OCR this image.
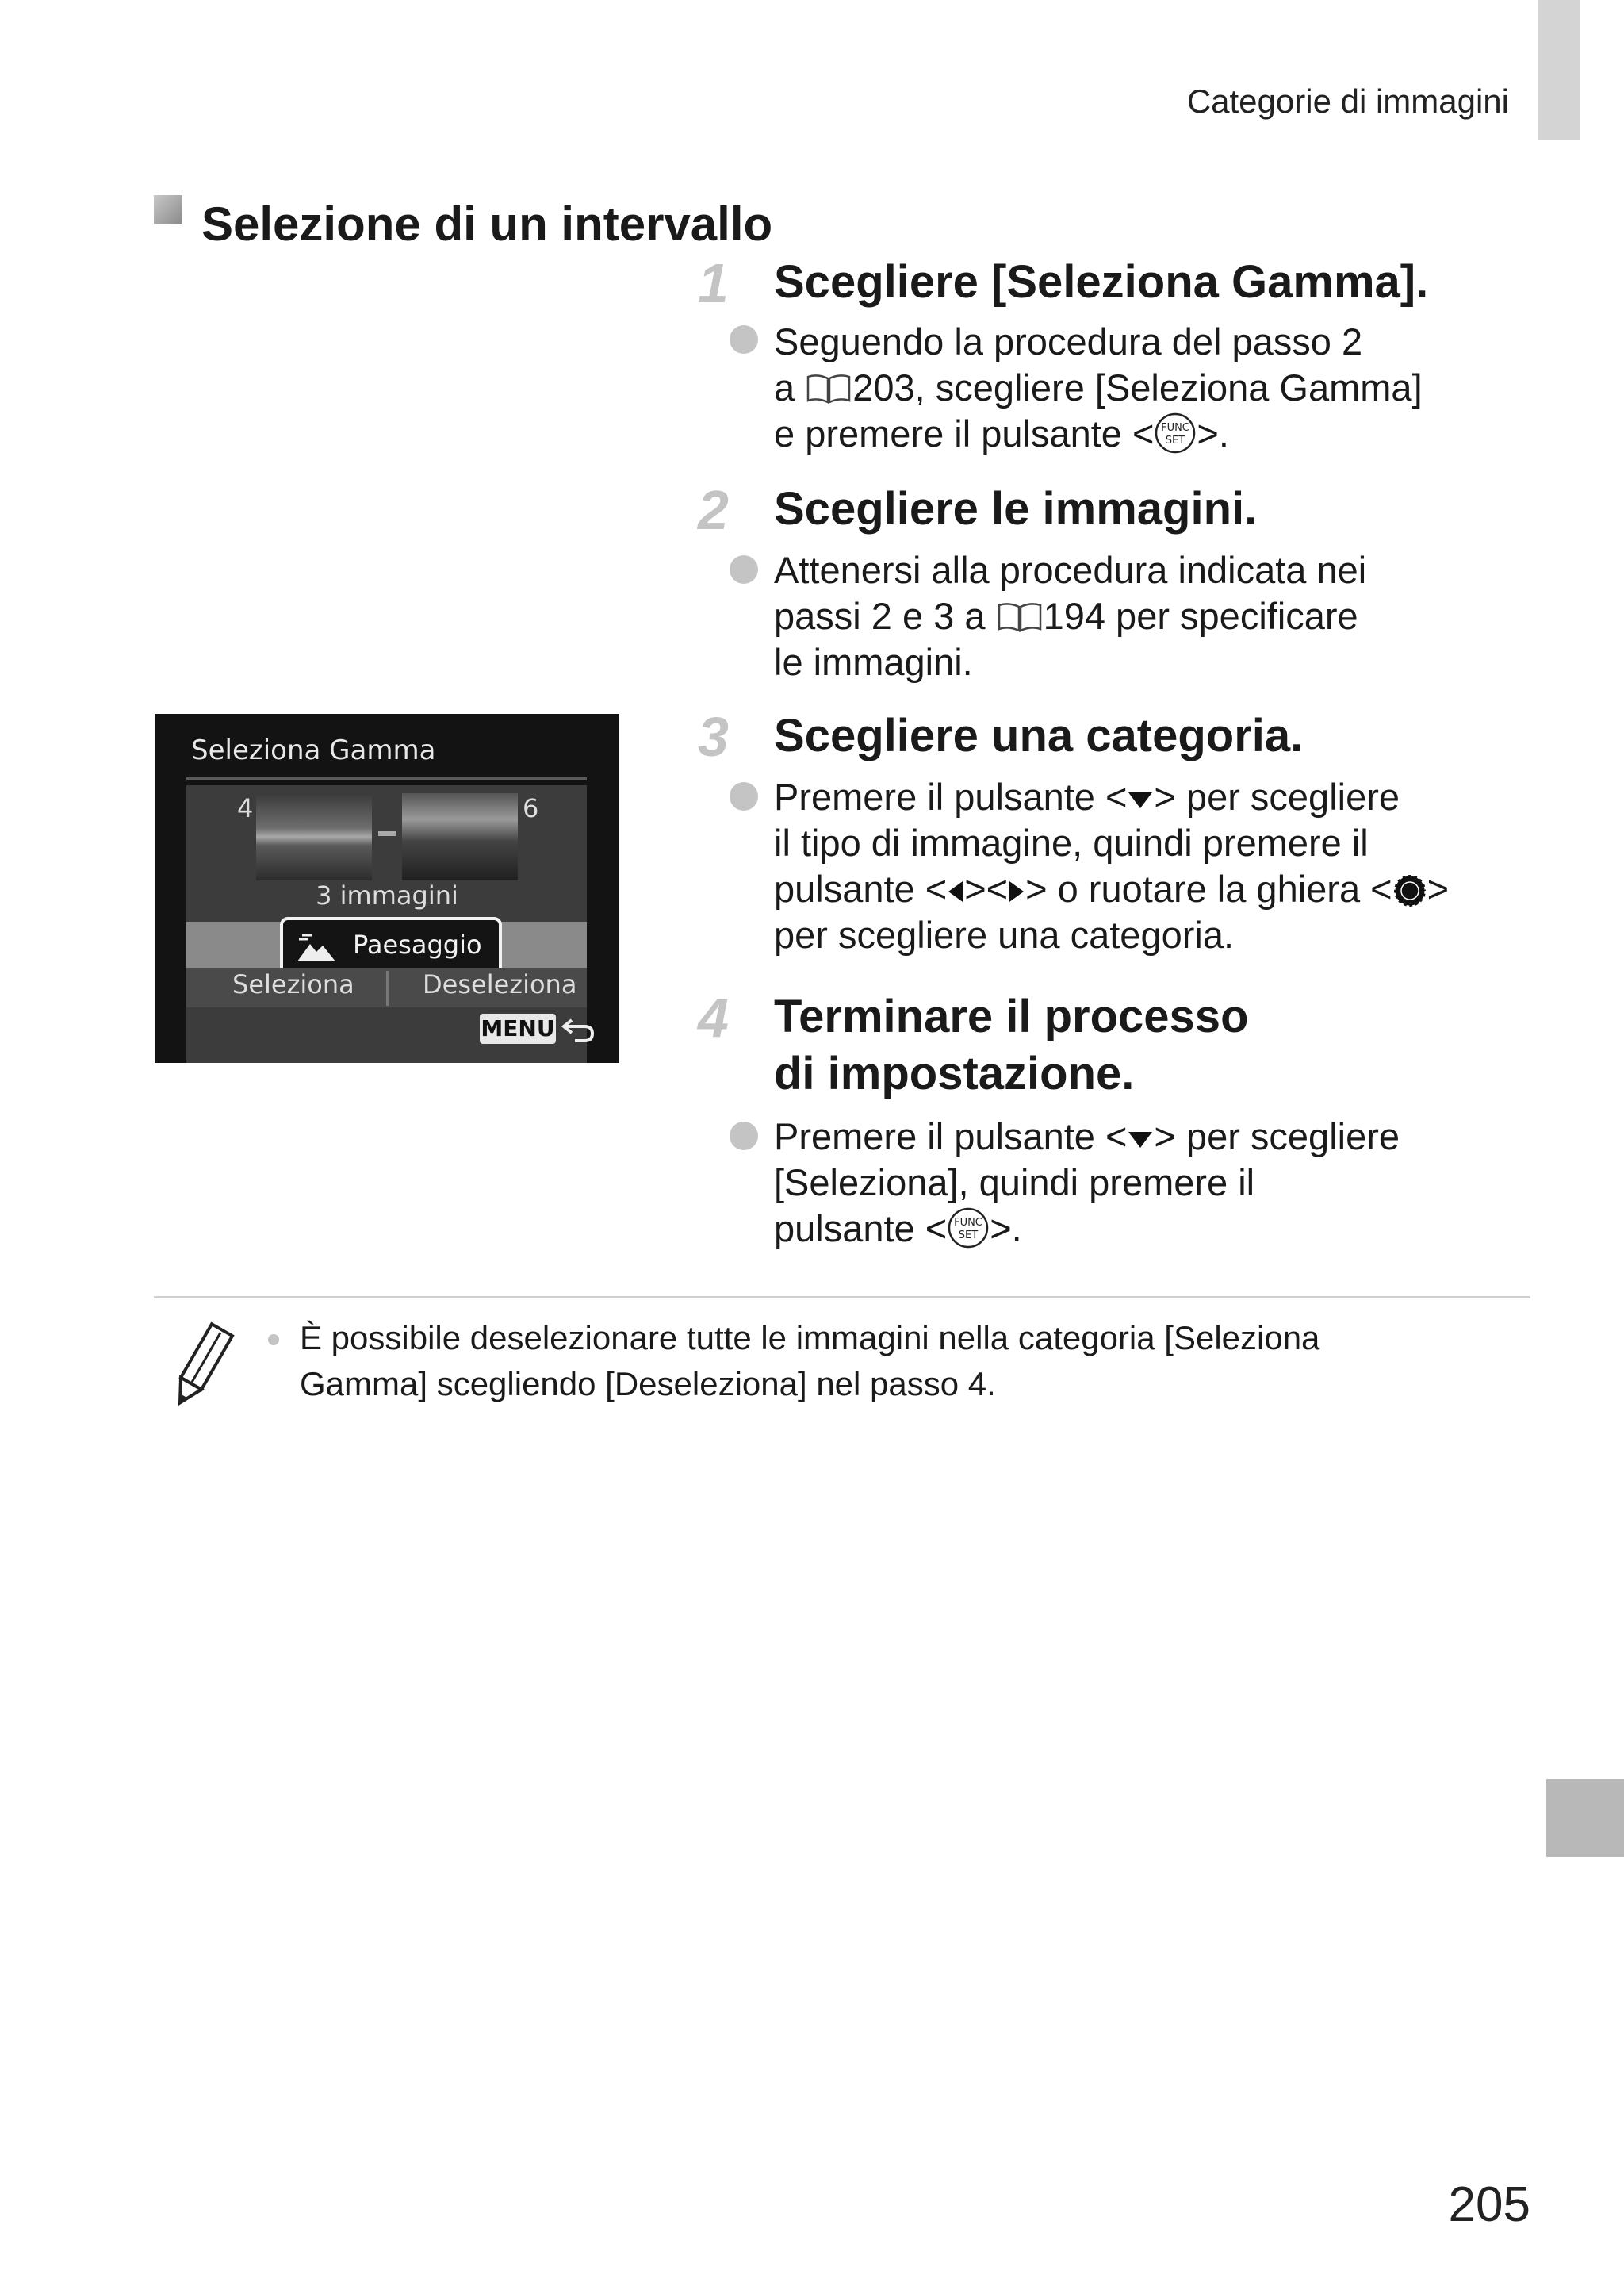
Categorie di immagini
Selezione di un intervallo
1 Scegliere [Seleziona Gamma].
Seguendo la procedura del passo 2
a 203, scegliere [Seleziona Gamma]
e premere il pulsante < FUNC
SET >.
2 Scegliere le immagini.
Attenersi alla procedura indicata nei
passi 2 e 3 a 194 per specificare
le immagini.
3 Scegliere una categoria.
Premere il pulsante < > per scegliere
il tipo di immagine, quindi premere il
pulsante < >< > o ruotare la ghiera < >
per scegliere una categoria.
4 Terminare il processo
di impostazione.
Premere il pulsante < > per scegliere
[Seleziona], quindi premere il
pulsante < FUNC
SET >.
Seleziona Gamma
4	6
3 immagini
Paesaggio
Seleziona	Deseleziona
MENU
È possibile deselezionare tutte le immagini nella categoria [Seleziona
Gamma] scegliendo [Deseleziona] nel passo 4.
205
